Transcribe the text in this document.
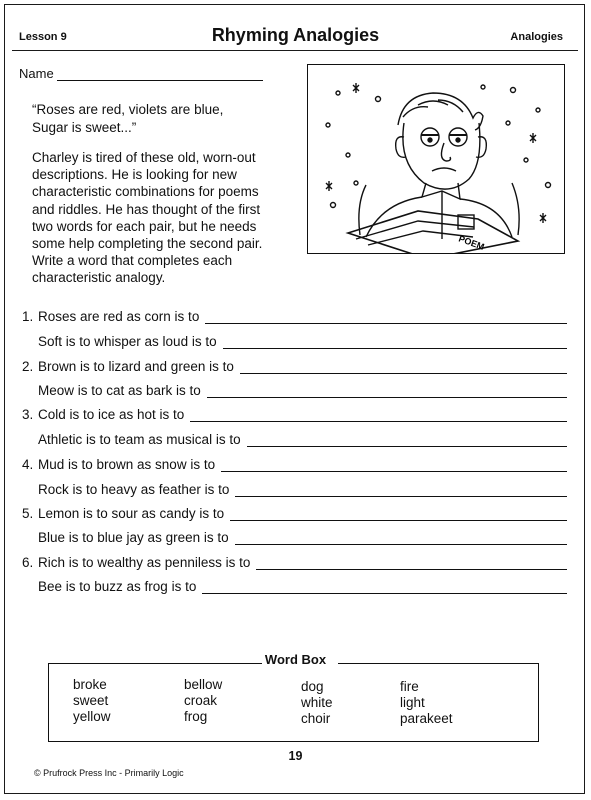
Lesson 9	Rhyming Analogies	Analogies
Name
“Roses are red, violets are blue,
Sugar is sweet...”
Charley is tired of these old, worn-out
descriptions. He is looking for new
characteristic combinations for poems
and riddles. He has thought of the first
two words for each pair, but he needs
some help completing the second pair.
Write a word that completes each
characteristic analogy.
POEM
1. Roses are red as corn is to
Soft is to whisper as loud is to
2. Brown is to lizard and green is to
Meow is to cat as bark is to
3. Cold is to ice as hot is to
Athletic is to team as musical is to
4. Mud is to brown as snow is to
Rock is to heavy as feather is to
5. Lemon is to sour as candy is to
Blue is to blue jay as green is to
6. Rich is to wealthy as penniless is to
Bee is to buzz as frog is to
Word Box
broke
sweet
yellow
bellow
croak
frog
dog
white
choir
fire
light
parakeet
19
© Prufrock Press Inc - Primarily Logic
